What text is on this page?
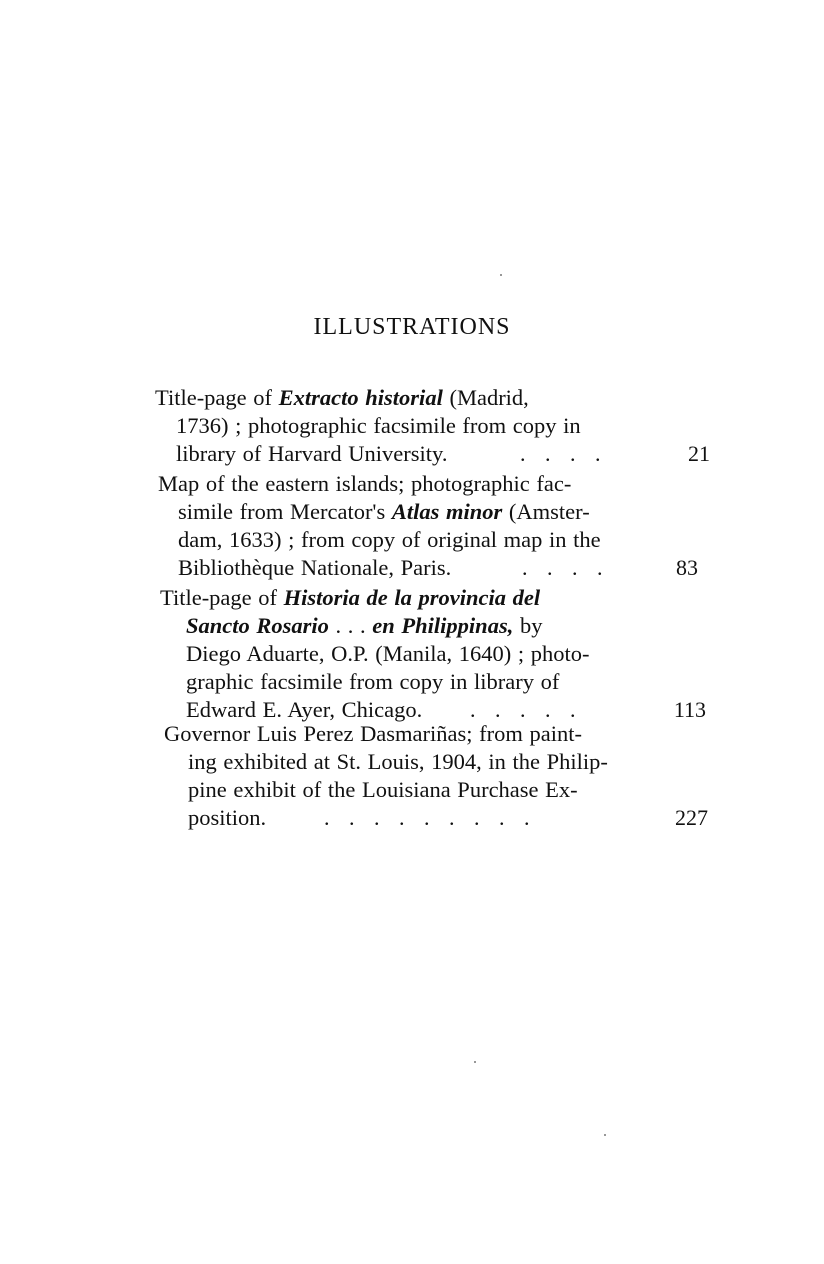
ILLUSTRATIONS
Title-page of Extracto historial (Madrid,
1736) ; photographic facsimile from copy in
library of Harvard University.	. . . .	21
Map of the eastern islands; photographic fac-
simile from Mercator's Atlas minor (Amster-
dam, 1633) ; from copy of original map in the
Bibliothèque Nationale, Paris.	. . . .	83
Title-page of Historia de la provincia del
Sancto Rosario . . . en Philippinas, by
Diego Aduarte, O.P. (Manila, 1640) ; photo-
graphic facsimile from copy in library of
Edward E. Ayer, Chicago. . . . . .	113
Governor Luis Perez Dasmariñas; from paint-
ing exhibited at St. Louis, 1904, in the Philip-
pine exhibit of the Louisiana Purchase Ex-
position.	. . . . . . . . .	227
